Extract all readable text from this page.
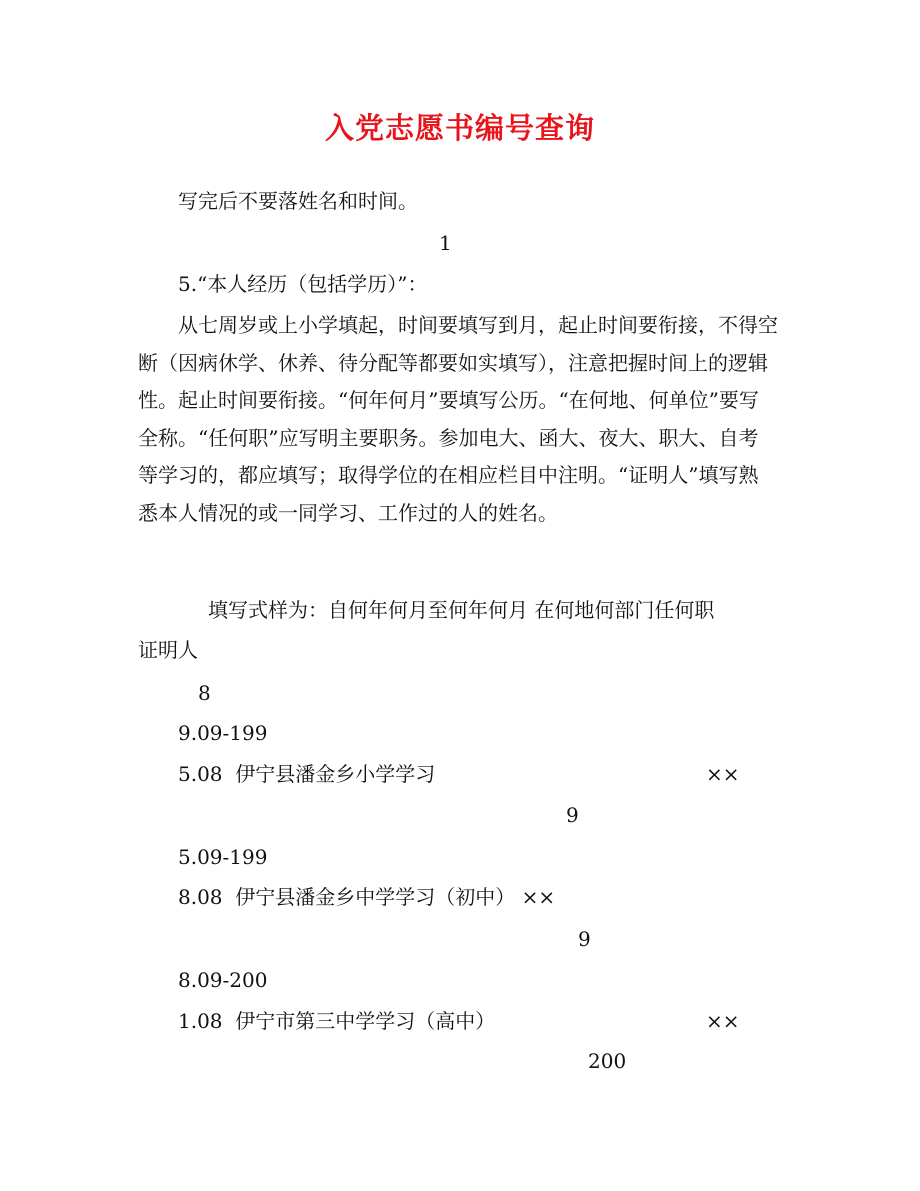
入党志愿书编号查询
写完后不要落姓名和时间。
1
5.“本人经历（包括学历）”：
从七周岁或上小学填起，时间要填写到月，起止时间要衔接，不得空断（因病休学、休养、待分配等都要如实填写），注意把握时间上的逻辑性。起止时间要衔接。“何年何月”要填写公历。“在何地、何单位”要写全称。“任何职”应写明主要职务。参加电大、函大、夜大、职大、自考等学习的，都应填写；取得学位的在相应栏目中注明。“证明人”填写熟悉本人情况的或一同学习、工作过的人的姓名。
填写式样为：自何年何月至何年何月 在何地何部门任何职
证明人
8
9.09-199
5.08 伊宁县潘金乡小学学习	××
9
5.09-199
8.08 伊宁县潘金乡中学学习（初中） ××
9
8.09-200
1.08 伊宁市第三中学学习（高中）	××
200
